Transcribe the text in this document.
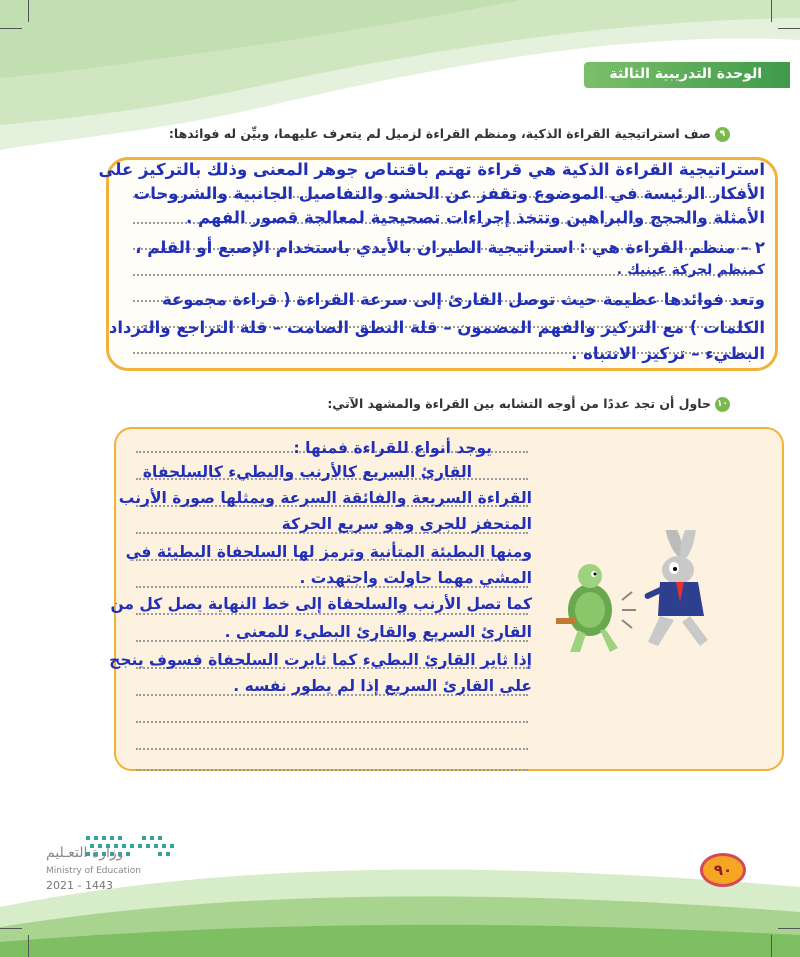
الوحدة التدريبية الثالثة
٩صف استراتيجية القراءة الذكية، ومنظم القراءة لزميل لم يتعرف عليهما، وبيِّن له فوائدها:
استراتيجية القراءة الذكية هي قراءة تهتم باقتناص جوهر المعنى وذلك بالتركيز على
الأفكار الرئيسة في الموضوع وتقفز عن الحشو والتفاصيل الجانبية والشروحات
الأمثلة والحجج والبراهين وتتخذ إجراءات تصحيحية لمعالجة قصور الفهم .
٢ – منظم القراءة هي : استراتيجية الطيران بالأيدي باستخدام الإصبع أو القلم ،
كمنظم لحركة عينيك .
وتعد فوائدها عظيمة حيث توصل القارئ إلى سرعة القراءة ( قراءة مجموعة
الكلمات ) مع التركيز والفهم المضمون – قلة النطق الصامت – قلة التراجع والترداد
البطيء – تركيز الانتباه .
١٠حاول أن تجد عددًا من أوجه التشابه بين القراءة والمشهد الآتي:
يوجد أنواع للقراءة فمنها :
القارئ السريع كالأرنب والبطيء كالسلحفاة
القراءة السريعة والفائقة السرعة ويمثلها صورة الأرنب
المتحفز للجري وهو سريع الحركة
ومنها البطيئة المتأنية وترمز لها السلحفاة البطيئة في
المشي مهما حاولت واجتهدت .
كما تصل الأرنب والسلحفاة إلى خط النهاية يصل كل من
القارئ السريع والقارئ البطيء للمعنى .
إذا ثابر القارئ البطيء كما ثابرت السلحفاة فسوف ينجح
على القارئ السريع إذا لم يطور نفسه .
وزارة التعـليم
Ministry of Education
2021 - 1443
٩٠
